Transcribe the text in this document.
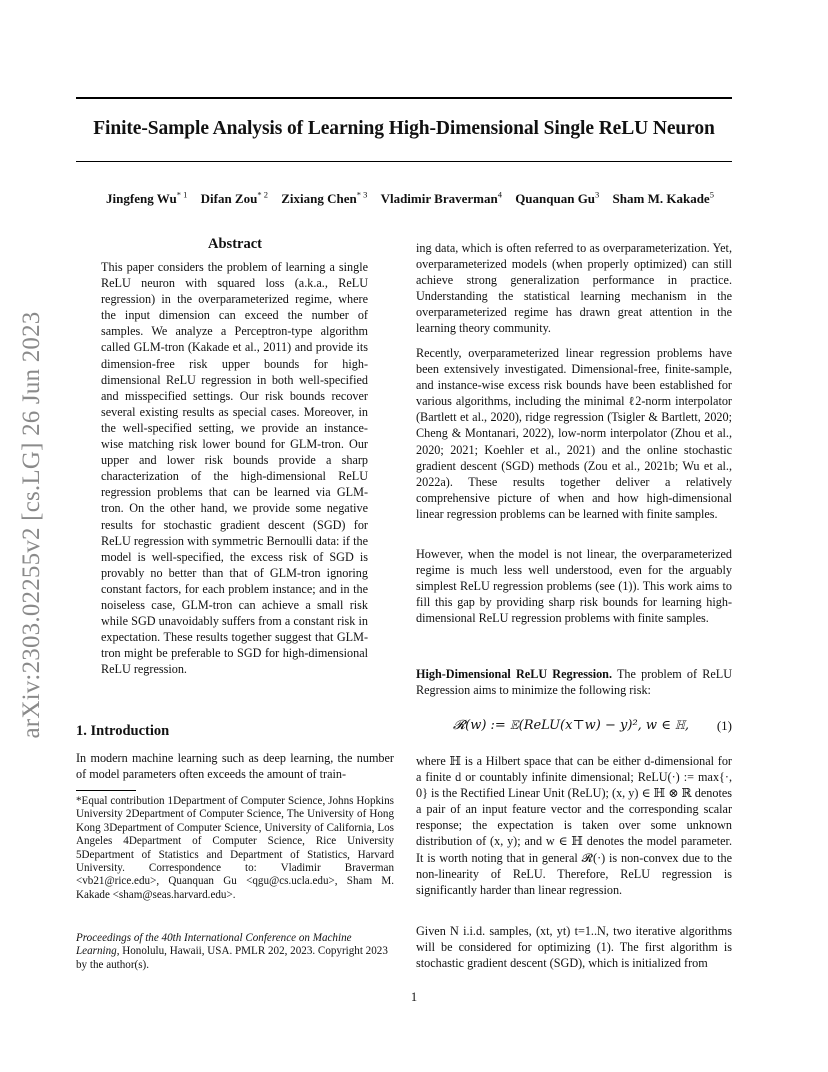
Finite-Sample Analysis of Learning High-Dimensional Single ReLU Neuron
Jingfeng Wu$^{* 1}$ Difan Zou$^{* 2}$ Zixiang Chen$^{* 3}$ Vladimir Braverman$^4$ Quanquan Gu$^3$ Sham M. Kakade$^5$
arXiv:2303.02255v2 [cs.LG] 26 Jun 2023
Abstract
This paper considers the problem of learning a single ReLU neuron with squared loss (a.k.a., ReLU regression) in the overparameterized regime, where the input dimension can exceed the number of samples. We analyze a Perceptron-type algorithm called GLM-tron (Kakade et al., 2011) and provide its dimension-free risk upper bounds for high-dimensional ReLU regression in both well-specified and misspecified settings. Our risk bounds recover several existing results as special cases. Moreover, in the well-specified setting, we provide an instance-wise matching risk lower bound for GLM-tron. Our upper and lower risk bounds provide a sharp characterization of the high-dimensional ReLU regression problems that can be learned via GLM-tron. On the other hand, we provide some negative results for stochastic gradient descent (SGD) for ReLU regression with symmetric Bernoulli data: if the model is well-specified, the excess risk of SGD is provably no better than that of GLM-tron ignoring constant factors, for each problem instance; and in the noiseless case, GLM-tron can achieve a small risk while SGD unavoidably suffers from a constant risk in expectation. These results together suggest that GLM-tron might be preferable to SGD for high-dimensional ReLU regression.
1. Introduction
In modern machine learning such as deep learning, the number of model parameters often exceeds the amount of train-
*Equal contribution 1Department of Computer Science, Johns Hopkins University 2Department of Computer Science, The University of Hong Kong 3Department of Computer Science, University of California, Los Angeles 4Department of Computer Science, Rice University 5Department of Statistics and Department of Statistics, Harvard University. Correspondence to: Vladimir Braverman <vb21@rice.edu>, Quanquan Gu <qgu@cs.ucla.edu>, Sham M. Kakade <sham@seas.harvard.edu>.
Proceedings of the 40th International Conference on Machine Learning, Honolulu, Hawaii, USA. PMLR 202, 2023. Copyright 2023 by the author(s).
ing data, which is often referred to as overparameterization. Yet, overparameterized models (when properly optimized) can still achieve strong generalization performance in practice. Understanding the statistical learning mechanism in the overparameterized regime has drawn great attention in the learning theory community.
Recently, overparameterized linear regression problems have been extensively investigated. Dimensional-free, finite-sample, and instance-wise excess risk bounds have been established for various algorithms, including the minimal ℓ2-norm interpolator (Bartlett et al., 2020), ridge regression (Tsigler & Bartlett, 2020; Cheng & Montanari, 2022), low-norm interpolator (Zhou et al., 2020; 2021; Koehler et al., 2021) and the online stochastic gradient descent (SGD) methods (Zou et al., 2021b; Wu et al., 2022a). These results together deliver a relatively comprehensive picture of when and how high-dimensional linear regression problems can be learned with finite samples.
However, when the model is not linear, the overparameterized regime is much less well understood, even for the arguably simplest ReLU regression problems (see (1)). This work aims to fill this gap by providing sharp risk bounds for learning high-dimensional ReLU regression problems with finite samples.
High-Dimensional ReLU Regression. The problem of ReLU Regression aims to minimize the following risk:
𝓡(w) := 𝔼(ReLU(x⊤w) − y)², w ∈ ℍ, (1)
where ℍ is a Hilbert space that can be either d-dimensional for a finite d or countably infinite dimensional; ReLU(·) := max{·, 0} is the Rectified Linear Unit (ReLU); (x, y) ∈ ℍ ⊗ ℝ denotes a pair of an input feature vector and the corresponding scalar response; the expectation is taken over some unknown distribution of (x, y); and w ∈ ℍ denotes the model parameter. It is worth noting that in general 𝓡(·) is non-convex due to the non-linearity of ReLU. Therefore, ReLU regression is significantly harder than linear regression.
Given N i.i.d. samples, (xt, yt) t=1..N, two iterative algorithms will be considered for optimizing (1). The first algorithm is stochastic gradient descent (SGD), which is initialized from
1
